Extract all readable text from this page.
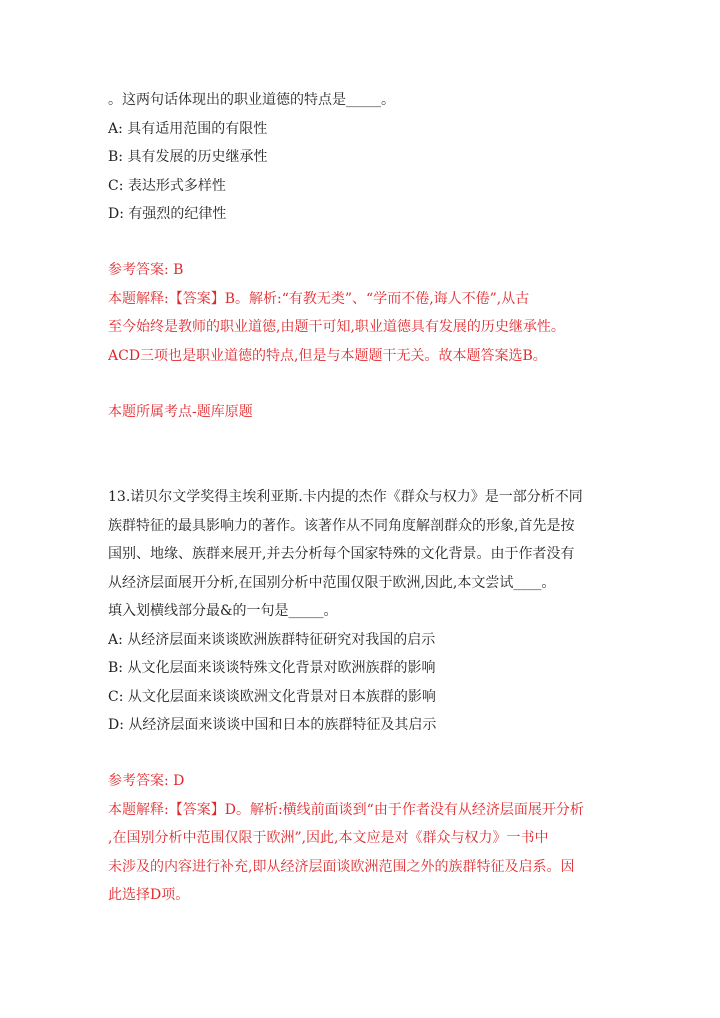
。这两句话体现出的职业道德的特点是_____。
A: 具有适用范围的有限性
B: 具有发展的历史继承性
C: 表达形式多样性
D: 有强烈的纪律性
参考答案: B
本题解释:【答案】B。解析:“有教无类”、“学而不倦,诲人不倦”,从古
至今始终是教师的职业道德,由题干可知,职业道德具有发展的历史继承性。
ACD三项也是职业道德的特点,但是与本题题干无关。故本题答案选B。
本题所属考点-题库原题
13.诺贝尔文学奖得主埃利亚斯.卡内提的杰作《群众与权力》是一部分析不同
族群特征的最具影响力的著作。该著作从不同角度解剖群众的形象,首先是按
国别、地缘、族群来展开,并去分析每个国家特殊的文化背景。由于作者没有
从经济层面展开分析,在国别分析中范围仅限于欧洲,因此,本文尝试____。
填入划横线部分最&的一句是_____。
A: 从经济层面来谈谈欧洲族群特征研究对我国的启示
B: 从文化层面来谈谈特殊文化背景对欧洲族群的影响
C: 从文化层面来谈谈欧洲文化背景对日本族群的影响
D: 从经济层面来谈谈中国和日本的族群特征及其启示
参考答案: D
本题解释:【答案】D。解析:横线前面谈到“由于作者没有从经济层面展开分析
,在国别分析中范围仅限于欧洲”,因此,本文应是对《群众与权力》一书中
未涉及的内容进行补充,即从经济层面谈欧洲范围之外的族群特征及启系。因
此选择D项。
